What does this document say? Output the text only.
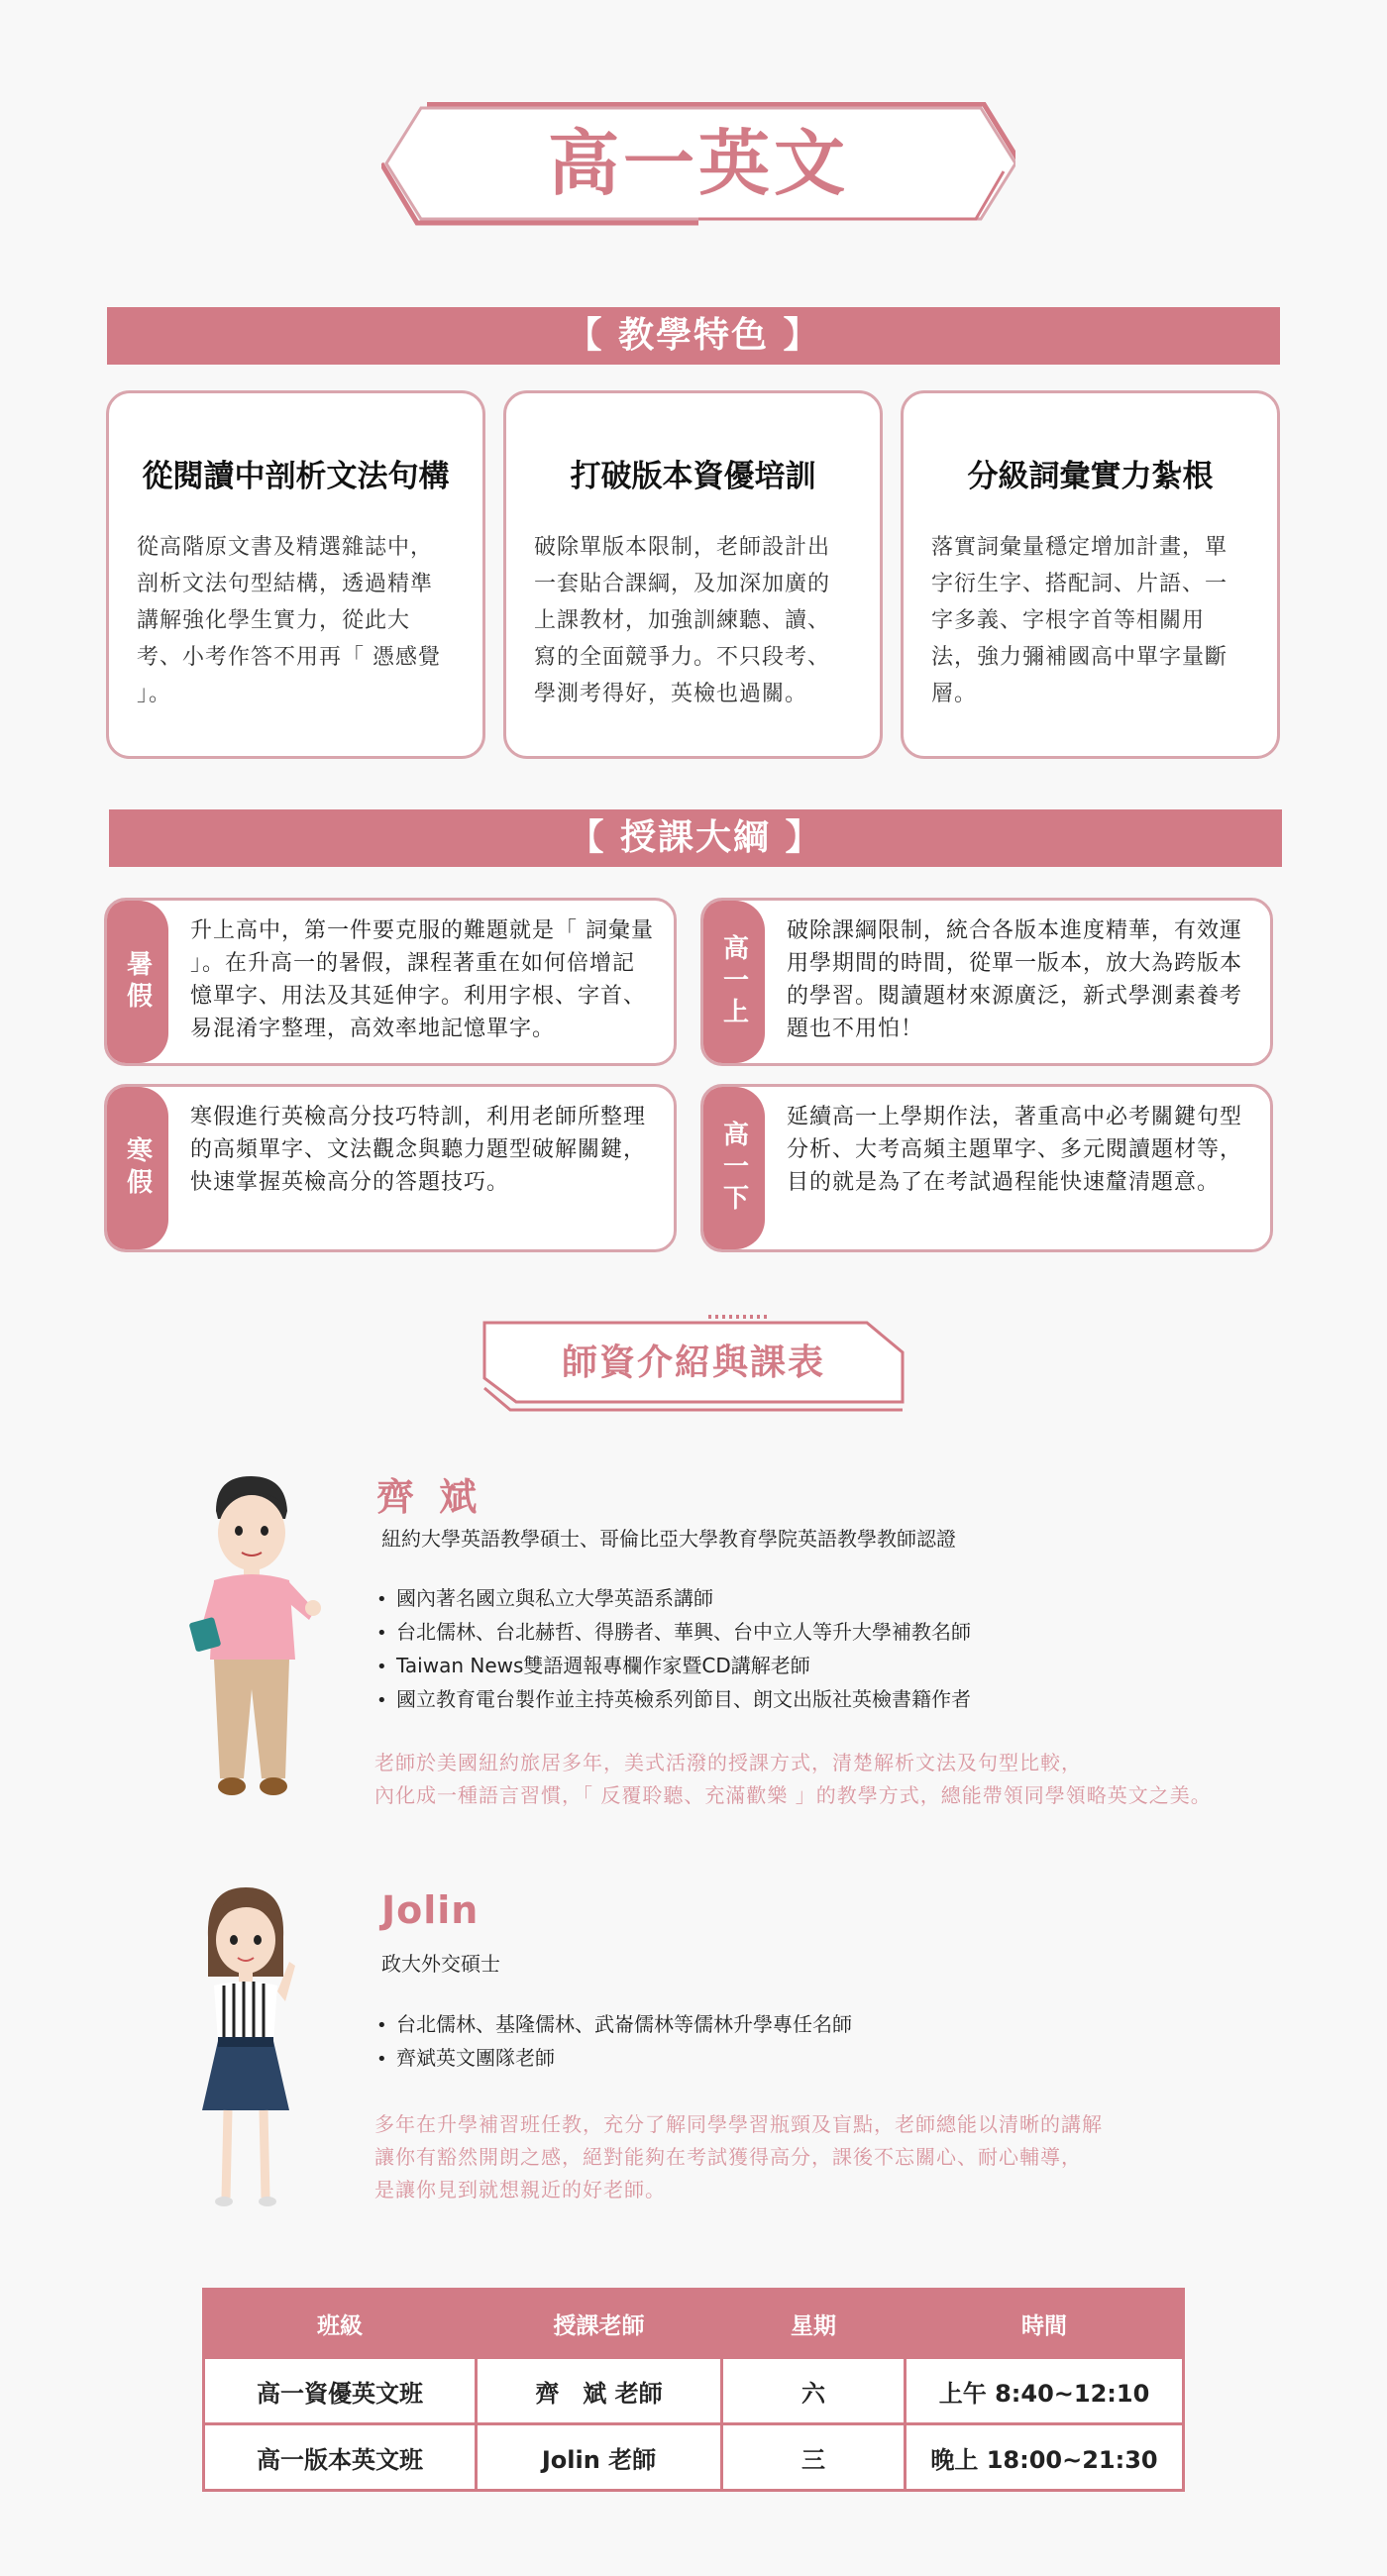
高一英文
【 教學特色 】
從閱讀中剖析文法句構

從高階原文書及精選雜誌中，剖析文法句型結構，透過精準講解強化學生實力，從此大考、小考作答不用再「 憑感覺 」。

打破版本資優培訓

破除單版本限制，老師設計出一套貼合課綱，及加深加廣的上課教材，加強訓練聽、讀、寫的全面競爭力。不只段考、學測考得好，英檢也過關。

分級詞彙實力紮根

落實詞彙量穩定增加計畫，單字衍生字、搭配詞、片語、一字多義、字根字首等相關用法，強力彌補國高中單字量斷層。

【 授課大綱 】
暑假
升上高中，第一件要克服的難題就是「 詞彙量 」。在升高一的暑假，課程著重在如何倍增記憶單字、用法及其延伸字。利用字根、字首、易混淆字整理，高效率地記憶單字。	高一上
破除課綱限制，統合各版本進度精華，有效運用學期間的時間，從單一版本，放大為跨版本的學習。閱讀題材來源廣泛，新式學測素養考題也不用怕！
寒假
寒假進行英檢高分技巧特訓，利用老師所整理的高頻單字、文法觀念與聽力題型破解關鍵，快速掌握英檢高分的答題技巧。	高一下
延續高一上學期作法，著重高中必考關鍵句型分析、大考高頻主題單字、多元閱讀題材等，目的就是為了在考試過程能快速釐清題意。
師資介紹與課表
齊 斌
紐約大學英語教學碩士、哥倫比亞大學教育學院英語教學教師認證
• 國內著名國立與私立大學英語系講師
• 台北儒林、台北赫哲、得勝者、華興、台中立人等升大學補教名師
• Taiwan News雙語週報專欄作家暨CD講解老師
• 國立教育電台製作並主持英檢系列節目、朗文出版社英檢書籍作者
老師於美國紐約旅居多年，美式活潑的授課方式，清楚解析文法及句型比較，
內化成一種語言習慣，「 反覆聆聽、充滿歡樂 」的教學方式，總能帶領同學領略英文之美。
Jolin
政大外交碩士
• 台北儒林、基隆儒林、武崙儒林等儒林升學專任名師
• 齊斌英文團隊老師
多年在升學補習班任教，充分了解同學學習瓶頸及盲點，老師總能以清晰的講解
讓你有豁然開朗之感，絕對能夠在考試獲得高分，課後不忘關心、耐心輔導，
是讓你見到就想親近的好老師。
班級	授課老師	星期	時間
高一資優英文班	齊　斌 老師	六	上午 8:40~12:10
高一版本英文班	Jolin 老師	三	晚上 18:00~21:30
